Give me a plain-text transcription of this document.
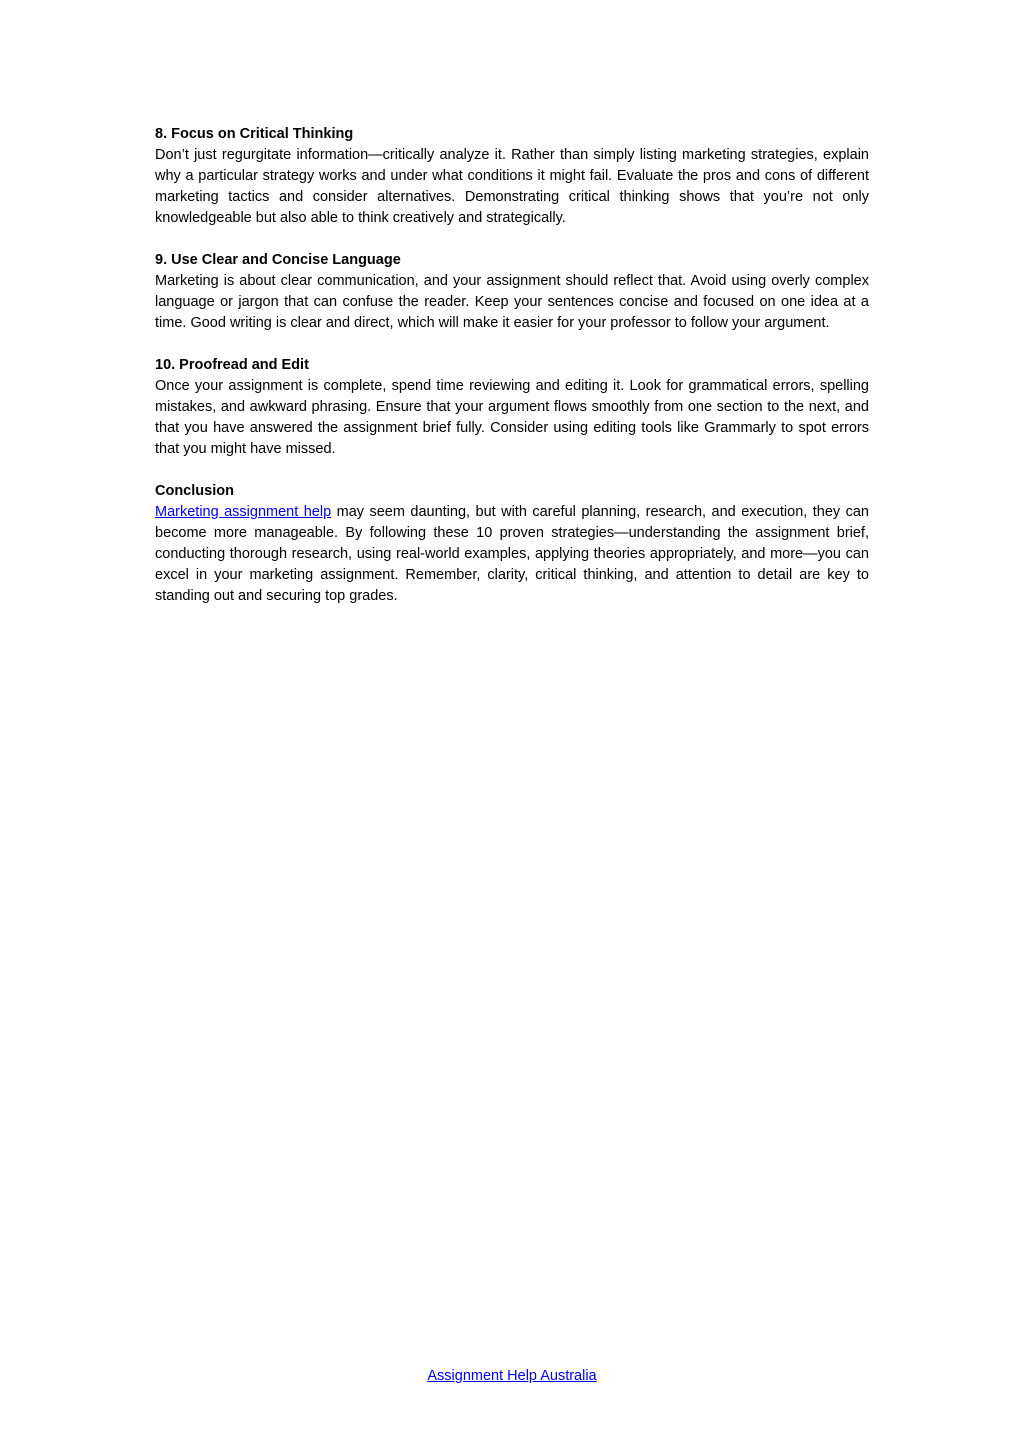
8. Focus on Critical Thinking

Don’t just regurgitate information—critically analyze it. Rather than simply listing marketing strategies, explain why a particular strategy works and under what conditions it might fail. Evaluate the pros and cons of different marketing tactics and consider alternatives. Demonstrating critical thinking shows that you’re not only knowledgeable but also able to think creatively and strategically.

9. Use Clear and Concise Language

Marketing is about clear communication, and your assignment should reflect that. Avoid using overly complex language or jargon that can confuse the reader. Keep your sentences concise and focused on one idea at a time. Good writing is clear and direct, which will make it easier for your professor to follow your argument.

10. Proofread and Edit

Once your assignment is complete, spend time reviewing and editing it. Look for grammatical errors, spelling mistakes, and awkward phrasing. Ensure that your argument flows smoothly from one section to the next, and that you have answered the assignment brief fully. Consider using editing tools like Grammarly to spot errors that you might have missed.

Conclusion

Marketing assignment help may seem daunting, but with careful planning, research, and execution, they can become more manageable. By following these 10 proven strategies—understanding the assignment brief, conducting thorough research, using real-world examples, applying theories appropriately, and more—you can excel in your marketing assignment. Remember, clarity, critical thinking, and attention to detail are key to standing out and securing top grades.

Assignment Help Australia
